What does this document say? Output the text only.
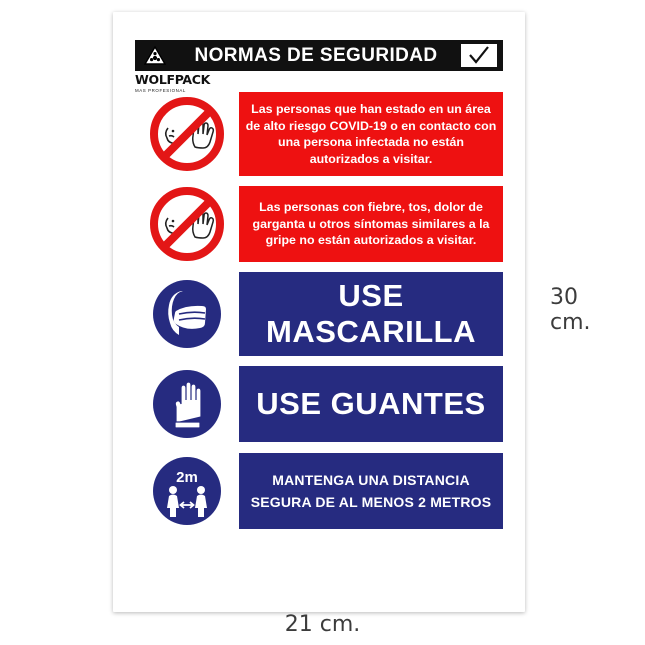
NORMAS DE SEGURIDAD
WOLFPACK
MAS PROFESIONAL
Las personas que han estado en un área de alto riesgo COVID-19 o en contacto con una persona infectada no están autorizados a visitar.
Las personas con fiebre, tos, dolor de garganta u otros síntomas similares a la gripe no están autorizados a visitar.
USE MASCARILLA
USE GUANTES
2m	MANTENGA UNA DISTANCIA SEGURA DE AL MENOS 2 METROS
30
cm.
21 cm.
